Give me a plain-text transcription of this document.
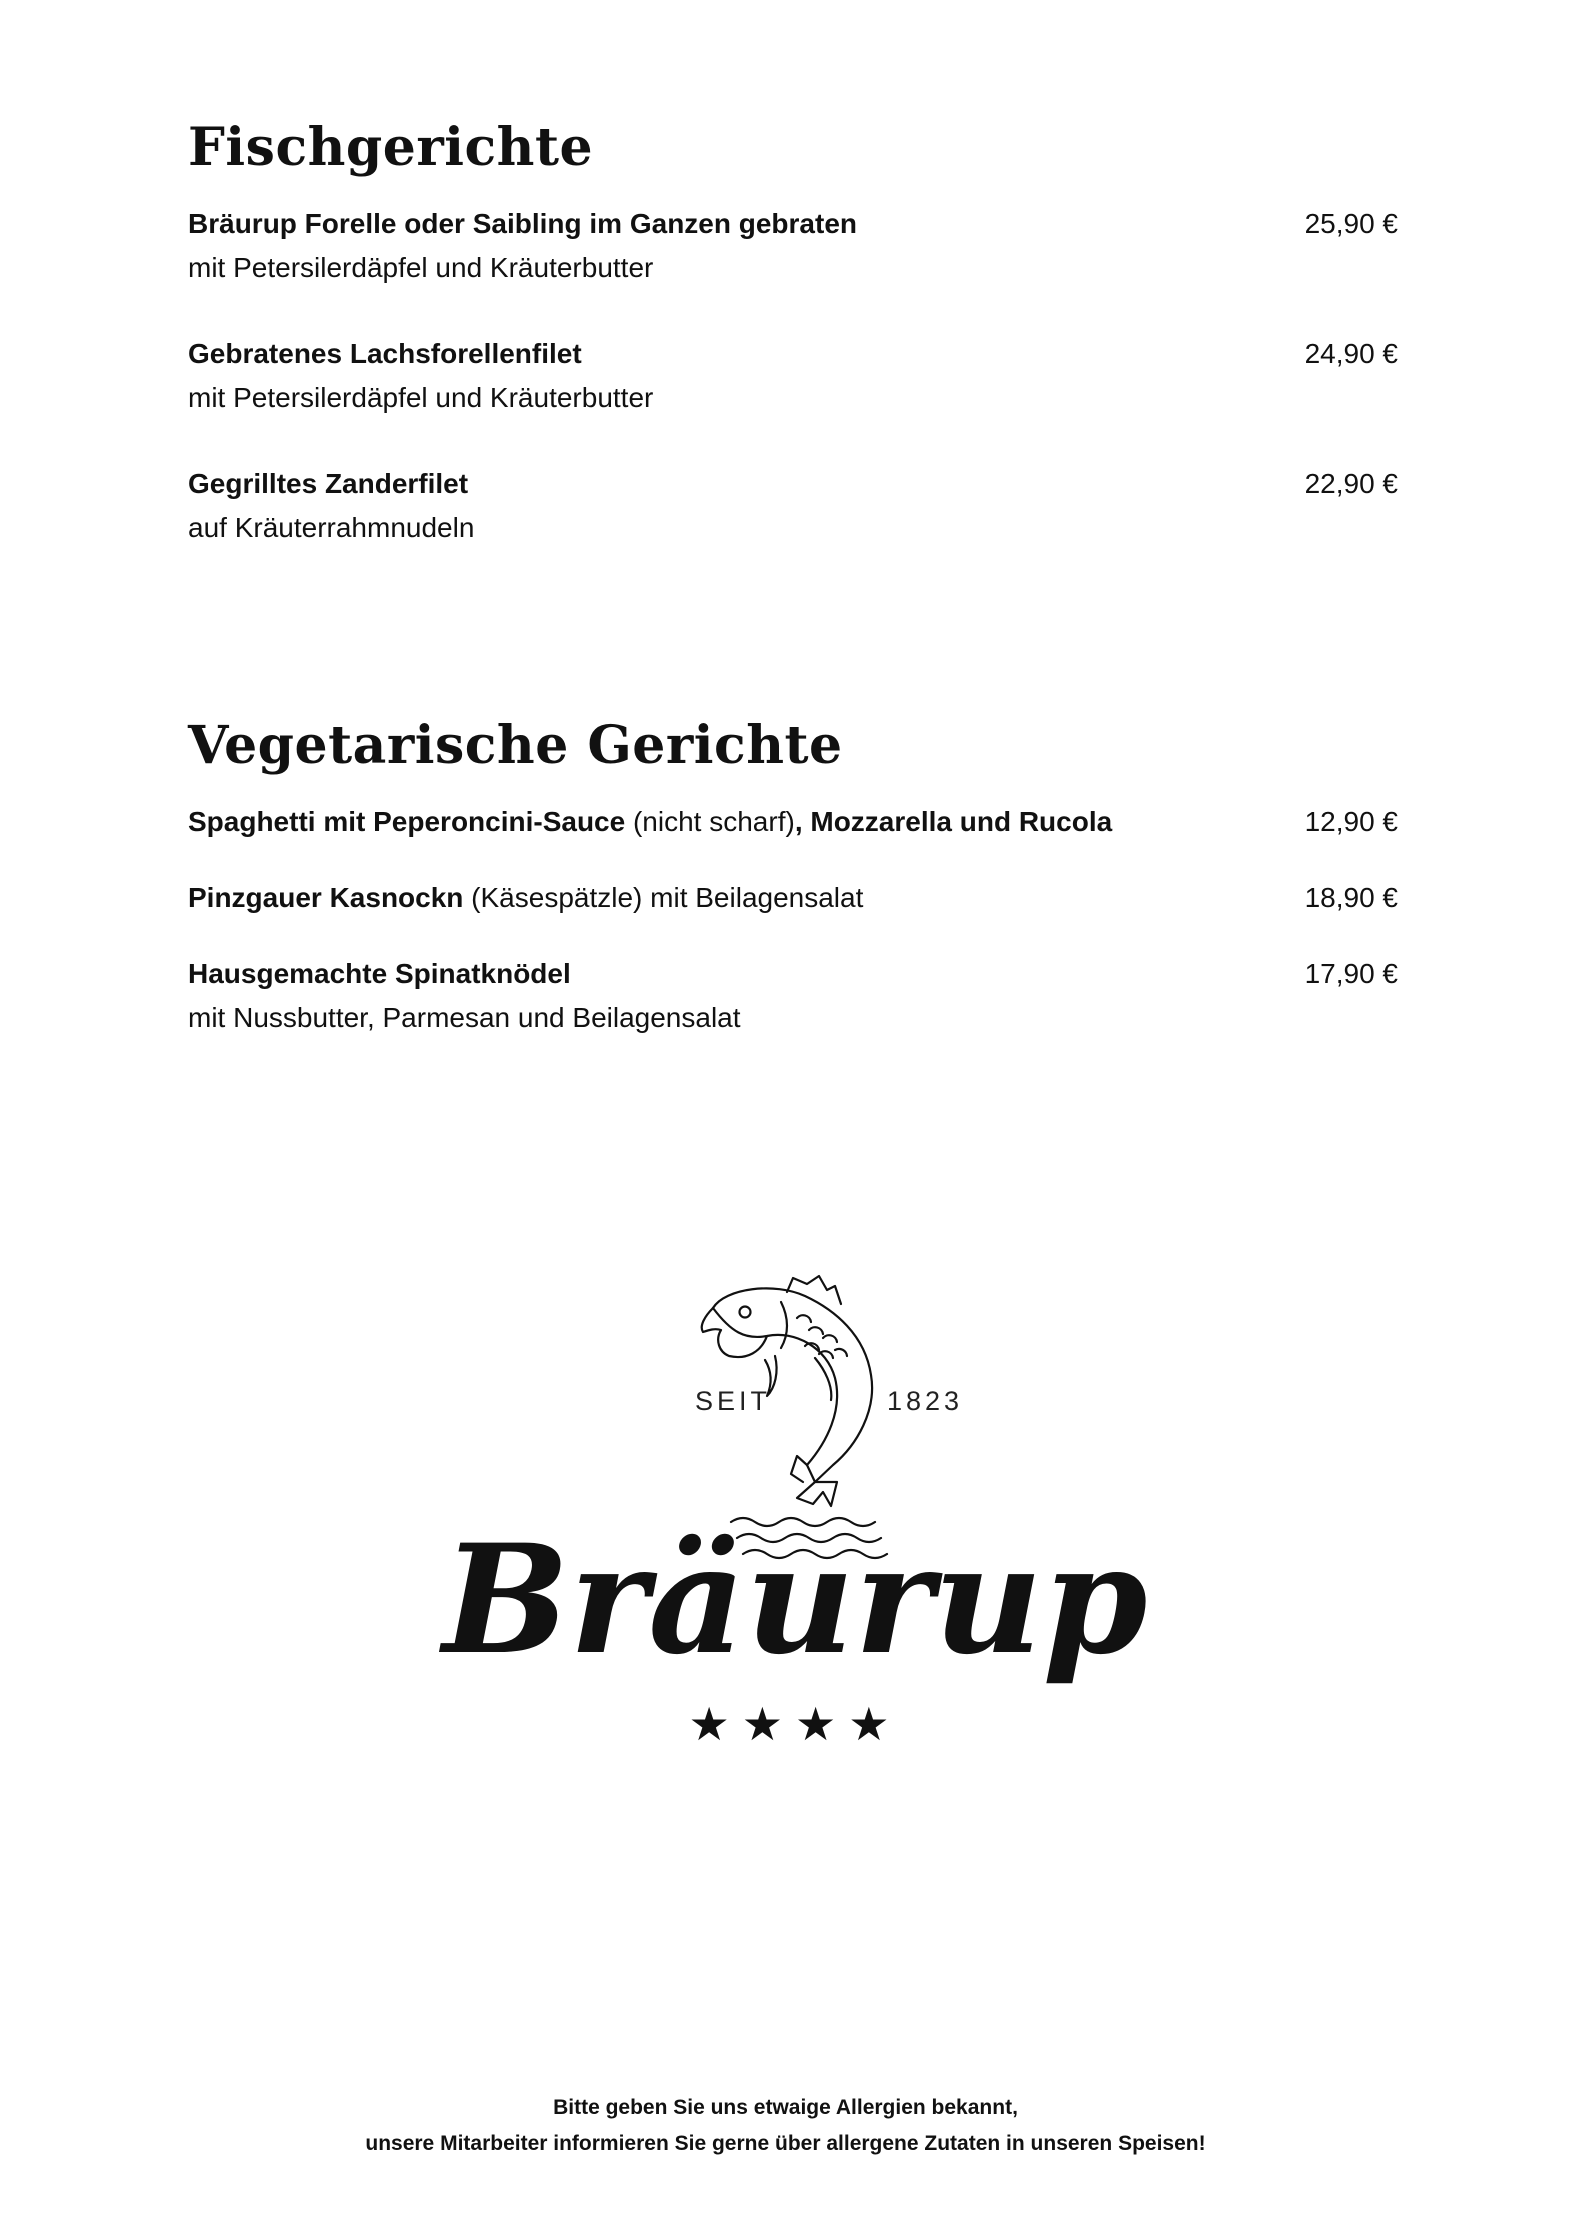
Fischgerichte
Bräurup Forelle oder Saibling im Ganzen gebraten	25,90 €
mit Petersilerdäpfel und Kräuterbutter
Gebratenes Lachsforellenfilet	24,90 €
mit Petersilerdäpfel und Kräuterbutter
Gegrilltes Zanderfilet	22,90 €
auf Kräuterrahmnudeln
Vegetarische Gerichte
Spaghetti mit Peperoncini-Sauce (nicht scharf), Mozzarella und Rucola	12,90 €
Pinzgauer Kasnockn (Käsespätzle) mit Beilagensalat	18,90 €
Hausgemachte Spinatknödel	17,90 €
mit Nussbutter, Parmesan und Beilagensalat
SEIT	1823
Bräurup
★★★★
Bitte geben Sie uns etwaige Allergien bekannt,
unsere Mitarbeiter informieren Sie gerne über allergene Zutaten in unseren Speisen!
